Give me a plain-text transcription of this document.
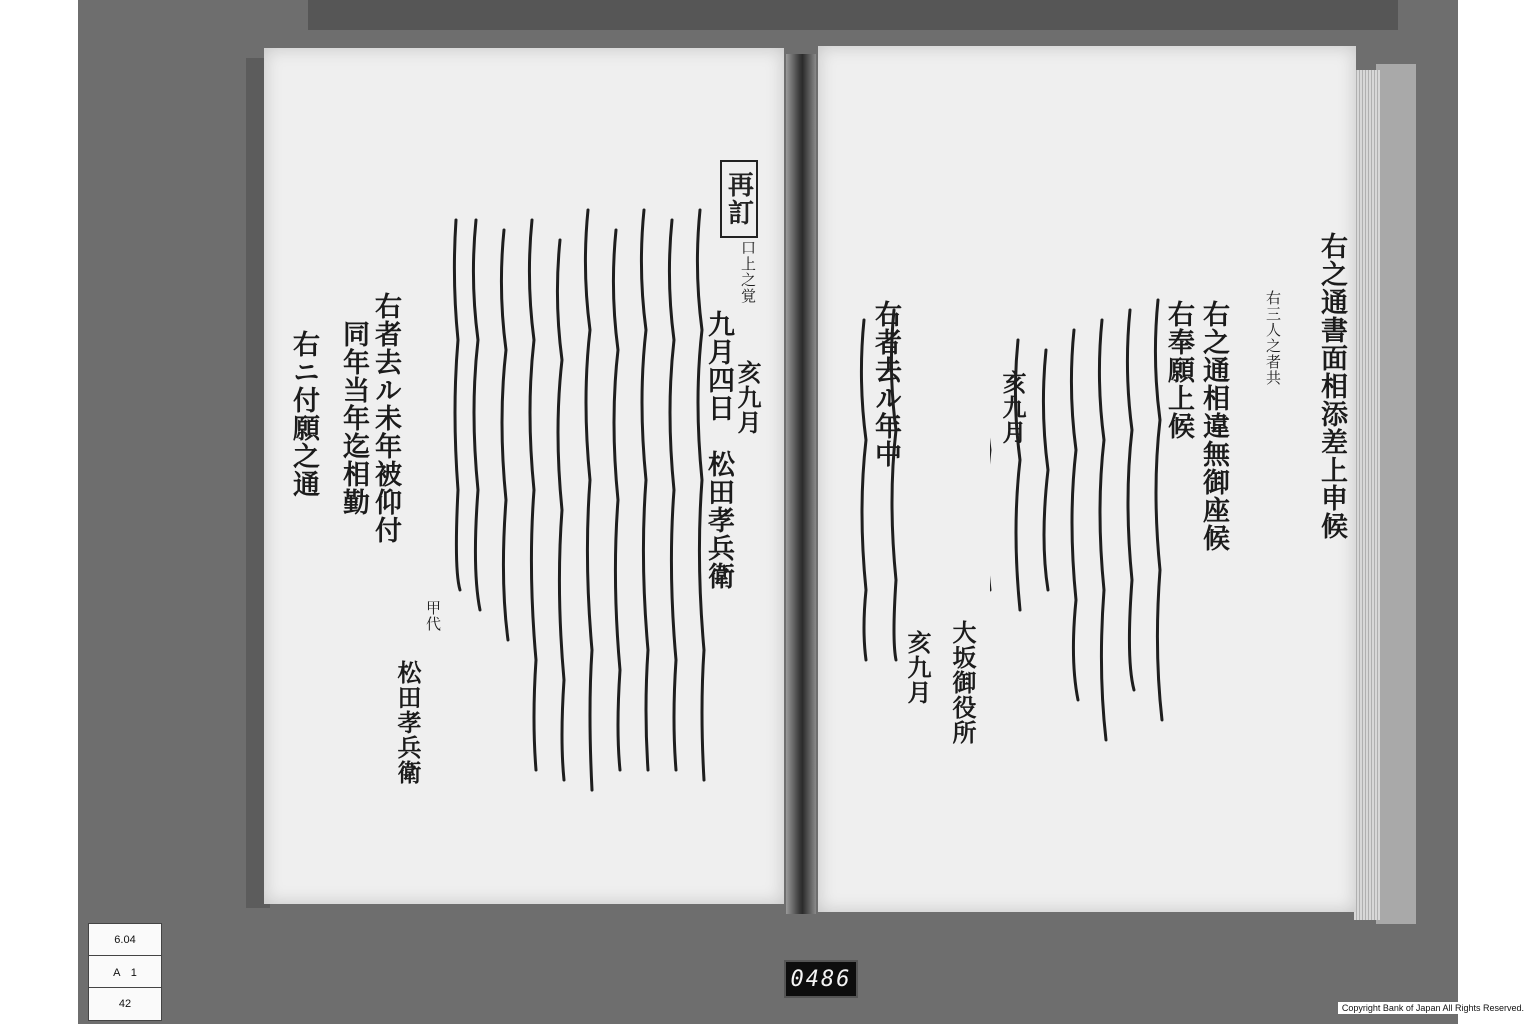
再訂
亥九月
九月四日　松田孝兵衛
口上之覚
右者去ル未年被仰付
同年当年迄相勤
右ニ付願之通
松田孝兵衛
甲代
右之通書面相添差上申候
亥九月
右三人之者共
右之通相違無御座候
右奉願上候
大坂御役所
右者去ル年中
亥九月
6.04
A　1
42
0486
Copyright Bank of Japan All Rights Reserved.
